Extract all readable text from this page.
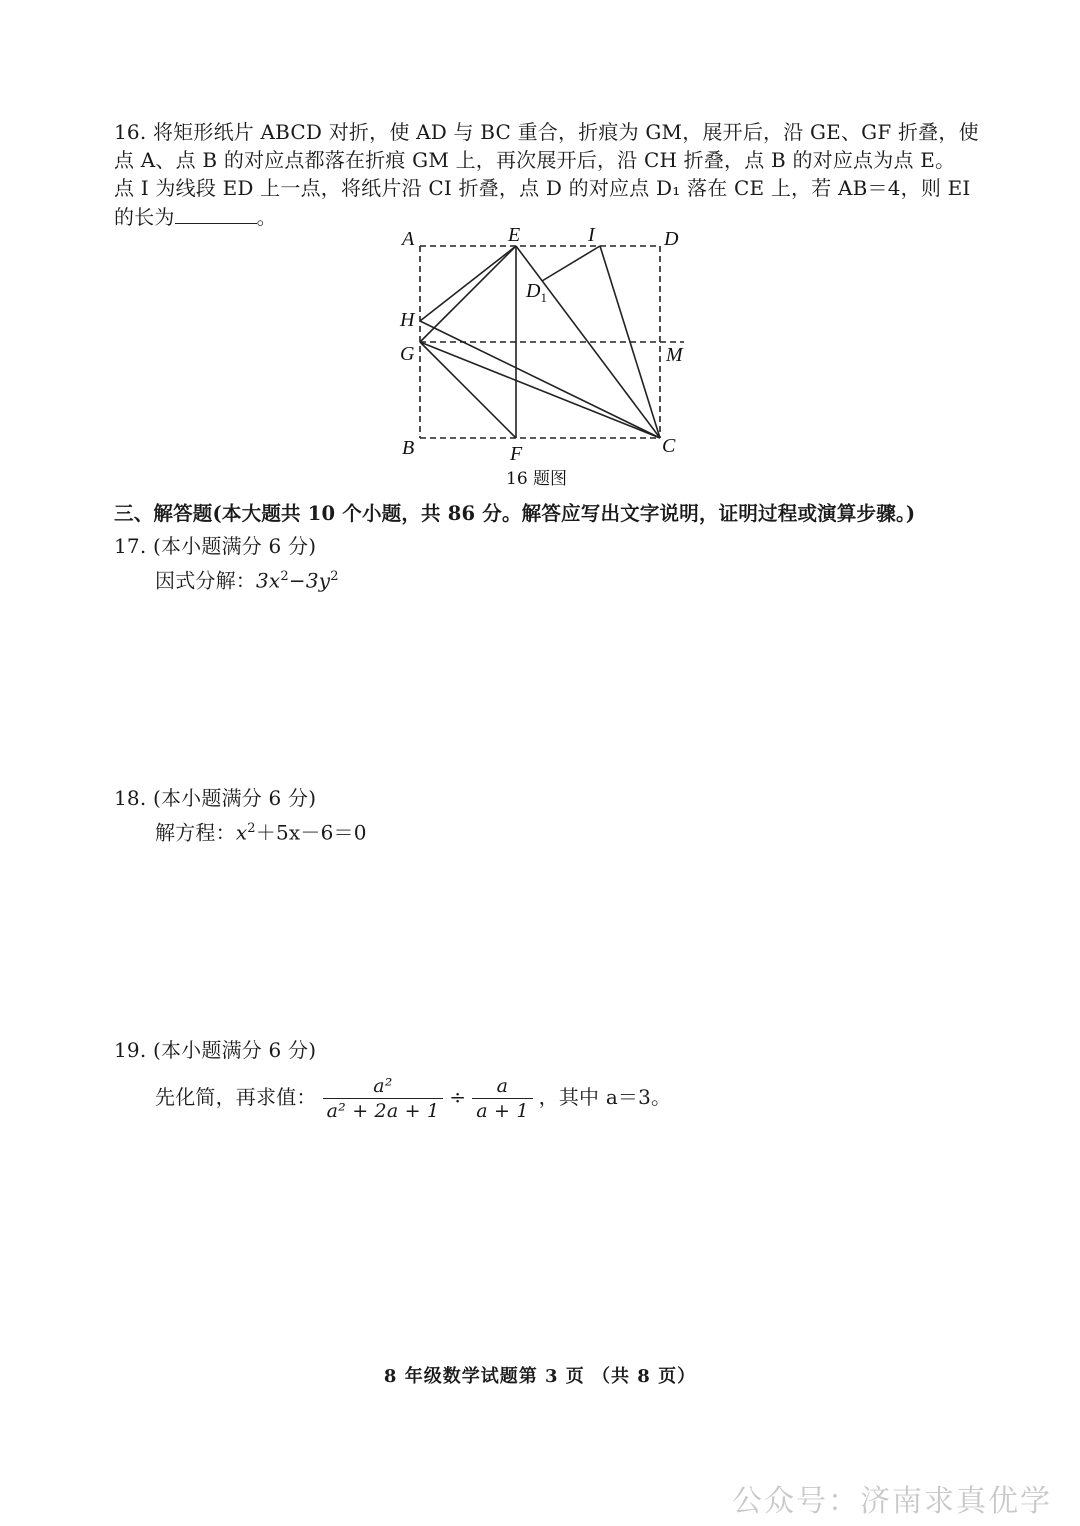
16. 将矩形纸片 ABCD 对折，使 AD 与 BC 重合，折痕为 GM，展开后，沿 GE、GF 折叠，使
点 A、点 B 的对应点都落在折痕 GM 上，再次展开后，沿 CH 折叠，点 B 的对应点为点 E。
点 I 为线段 ED 上一点，将纸片沿 CI 折叠，点 D 的对应点 D₁ 落在 CE 上，若 AB＝4，则 EI
的长为	。
A	E	I	D
$D_1$
H
G	M
B	F	C
16 题图
三、解答题(本大题共 10 个小题，共 86 分。解答应写出文字说明，证明过程或演算步骤。)
17. (本小题满分 6 分)
因式分解：$3x^2-3y^2$
18. (本小题满分 6 分)
解方程：$x^2+5x-6=0$
19. (本小题满分 6 分)
先化简，再求值： $\frac{\text{a²}}{\text{a² + 2a + 1}} \div \frac{a}{a + 1}$ ，其中 a＝3。
8 年级数学试题第 3 页 （共 8 页）
公众号：济南求真优学
